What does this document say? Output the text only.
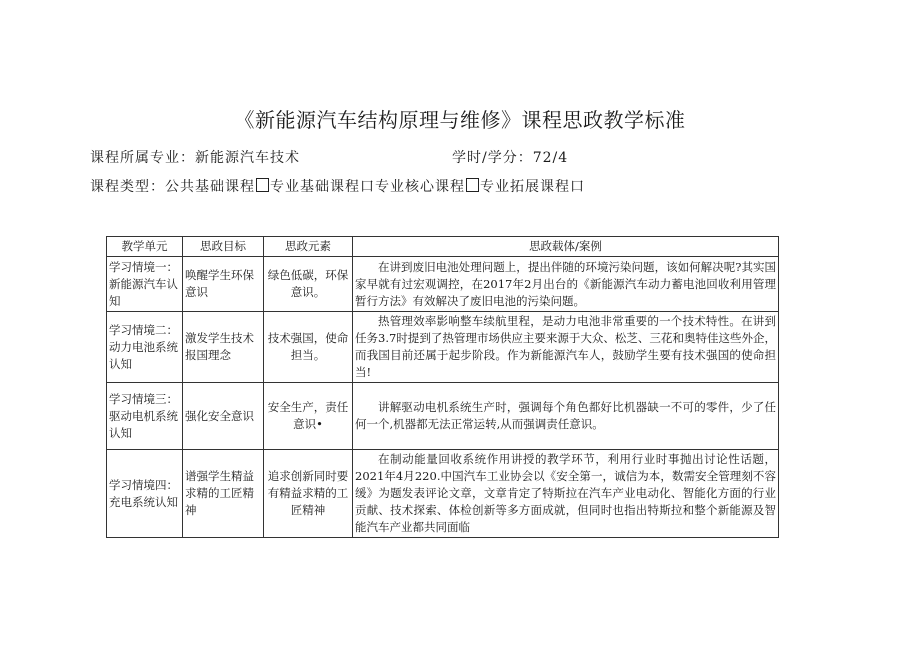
《新能源汽车结构原理与维修》课程思政教学标准
课程所属专业：新能源汽车技术	学时/学分：72/4
课程类型：公共基础课程 专业基础课程口专业核心课程 专业拓展课程口
教学单元	思政目标	思政元素	思政载体/案例
学习情境一：新能源汽车认知	唤醒学生环保意识	绿色低碳，环保意识。	在讲到废旧电池处理问题上，提出伴随的环境污染问题，该如何解决呢?其实国家早就有过宏观调控，在2017年2月出台的《新能源汽车动力蓄电池回收利用管理暂行方法》有效解决了废旧电池的污染问题。
学习情境二：动力电池系统认知	激发学生技术报国理念	技术强国，使命担当。	热管理效率影响整车续航里程，是动力电池非常重要的一个技术特性。在讲到任务3.7时提到了热管理市场供应主要来源于大众、松芝、三花和奥特佳这些外企，而我国目前还属于起步阶段。作为新能源汽车人，鼓励学生要有技术强国的使命担当!
学习情境三：驱动电机系统认知	强化安全意识	安全生产，责任意识•	讲解驱动电机系统生产时，强调每个角色都好比机器缺一不可的零件，少了任何一个,机器都无法正常运转,从而强调责任意识。
学习情境四：充电系统认知	谱强学生精益求精的工匠精神	追求创新同时要有精益求精的工匠精神	在制动能量回收系统作用讲授的教学环节，利用行业时事抛出讨论性话题，2021年4月220.中国汽车工业协会以《安全第一，诚信为本，数需安全管理刻不容缓》为题发表评论文章，文章肯定了特斯拉在汽车产业电动化、智能化方面的行业贡献、技术探索、体检创新等多方面成就，但同时也指出特斯拉和整个新能源及智能汽车产业都共同面临
